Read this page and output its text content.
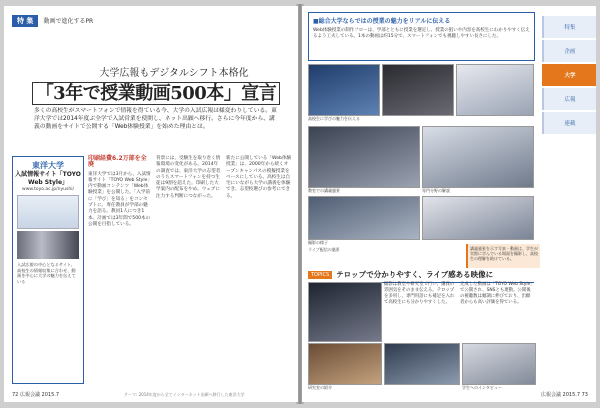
特 集	動画で進化するPR
大学広報もデジタルシフト本格化
「3年で授業動画500本」宣言
多くの高校生がスマートフォンで情報を得ている今、大学の入試広報は様変わりしている。東洋大学では2014年度ぶ全学で入試営業を使開し、ネット出願へ移行。さらに今年度から、講義の動画をサイトで公開する「Web体験授業」を始めた理由とは。
東洋大学
入試情報サイト「TOYO Web Style」
www.toyo.ac.jp/nyushi/
入試広報の中心となるサイト。高校生の情報収集に合わせ、動画を中心に大学の魅力を伝えている
印刷経費6.2万部を全廃
東洋大学では3月から、入試情報サイト「TOYO Web Style」内で動画コンテンツ「Web体験授業」を公開した。「入学前に「学び」を知る」をコンセプトに、専任教員が学部の魅力を語る。教員1人につき1本、計画では3年間で500本の公開を目指している。
背景には、受験生を取り巻く情報環境の変化がある。2014年の調査では、東洋大学の志望者のうちスマートフォンを持つ生徒は9割を超えた。印刷した大学案内の配布をやめ、ウェブに注力する判断につながった。
新たに公開している「Web体験授業」は、2000年から続くオープンキャンパスの模擬授業をベースにしている。高校生は自宅にいながら大学の講義を体験でき、志望校選びの参考にできる。
72 広報会議 2015.7	テーマ: 2014年度から全てインターネット出願へ移行した東洋大学
■総合大学ならではの授業の魅力をリアルに伝える
Web体験授業の制作フローは、学部とともに授業を選定し、授業の狙いや内容を高校生にわかりやすく伝えるよう工夫している。1本の動画は約15分で、スマートフォンでも視聴しやすい長さにした。
高校生に学びの魅力を伝える
教室での講義風景	専門分野の解説
撮影の様子
ライブ配信の風景	講義風景を示す写真・動画は、学生が実際に学んでいる場面を撮影し、高校生の理解を助けている。
TOPICS テロップで分かりやすく、ライブ感ある映像に
撮影は教室や研究室で行い、講義の雰囲気をそのまま伝える。テロップを多用し、専門用語にも補足を入れて高校生にも分かりやすくした。
完成した動画は「TOYO Web Style」で公開され、SNSとも連動。公開後の視聴数は順調に伸びており、出願者からも高い評価を得ている。
研究室の紹介	学生へのインタビュー
特集
企画
大学
広報
連載
広報会議 2015.7 73
